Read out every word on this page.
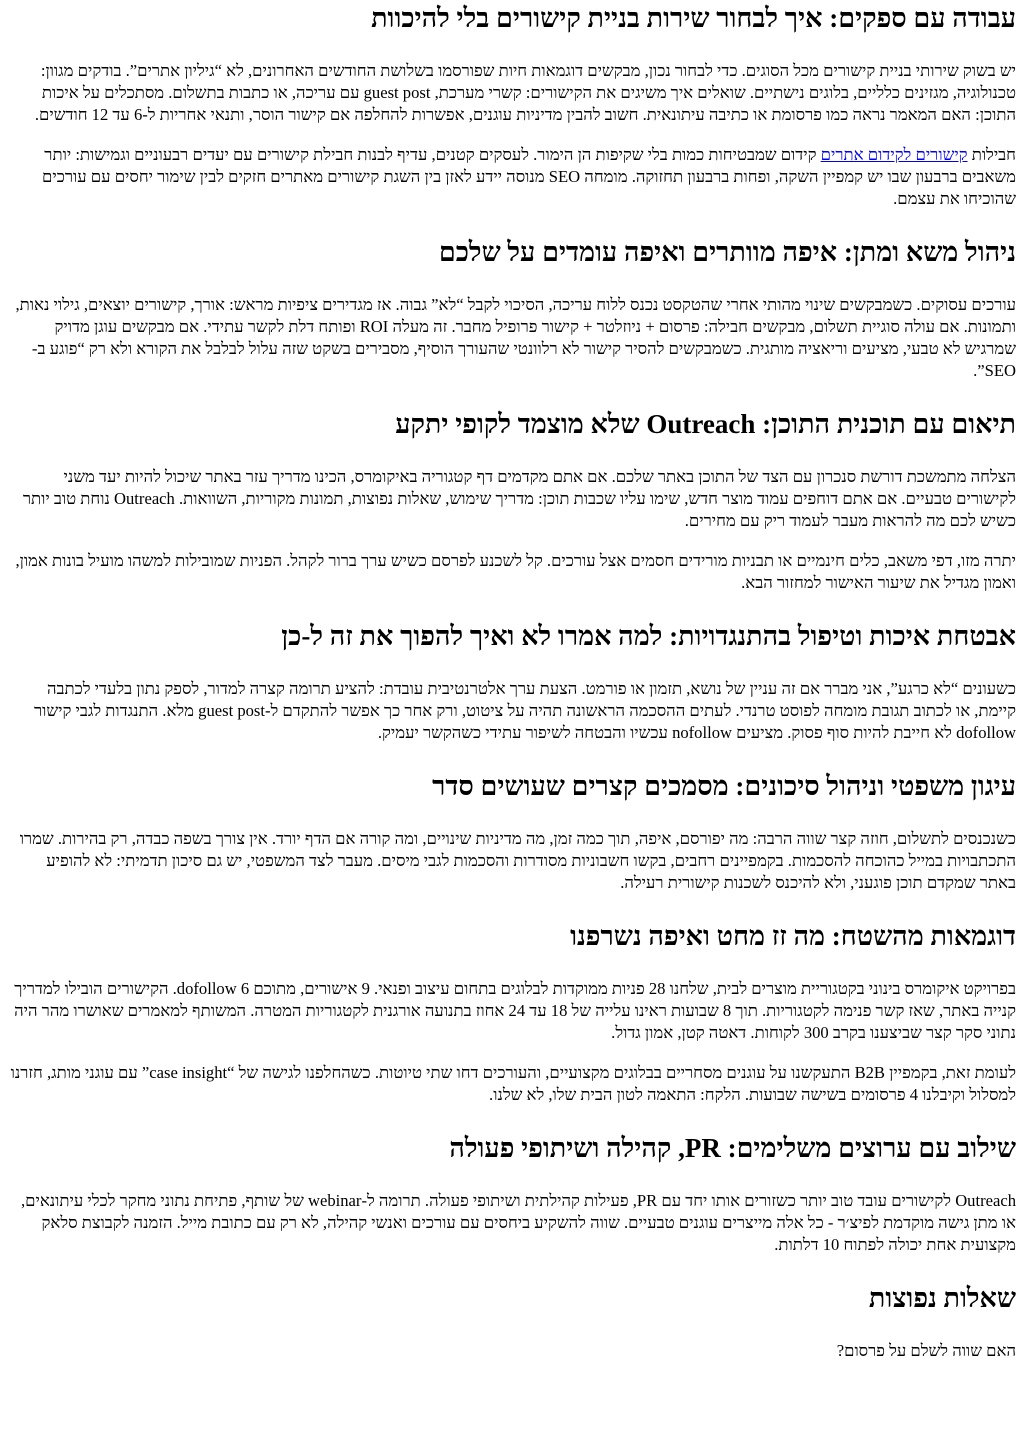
עבודה עם ספקים: איך לבחור שירות בניית קישורים בלי להיכוות

יש בשוק שירותי בניית קישורים מכל הסוגים. כדי לבחור נכון, מבקשים דוגמאות חיות שפורסמו בשלושת החודשים האחרונים, לא “גיליון אתרים”. בודקים מגוון: טכנולוגיה, מגזינים כלליים, בלוגים נישתיים. שואלים איך משיגים את הקישורים: קשרי מערכת, guest post עם עריכה, או כתבות בתשלום. מסתכלים על איכות התוכן: האם המאמר נראה כמו פרסומת או כתיבה עיתונאית. חשוב להבין מדיניות עוגנים, אפשרות להחלפה אם קישור הוסר, ותנאי אחריות ל-6 עד 12 חודשים.

חבילות קישורים לקידום אתרים קידום שמבטיחות כמות בלי שקיפות הן הימור. לעסקים קטנים, עדיף לבנות חבילת קישורים עם יעדים רבעוניים וגמישות: יותר משאבים ברבעון שבו יש קמפיין השקה, ופחות ברבעון תחזוקה. מומחה SEO מנוסה יידע לאזן בין השגת קישורים מאתרים חזקים לבין שימור יחסים עם עורכים שהוכיחו את עצמם.

ניהול משא ומתן: איפה מוותרים ואיפה עומדים על שלכם

עורכים עסוקים. כשמבקשים שינוי מהותי אחרי שהטקסט נכנס ללוח עריכה, הסיכוי לקבל “לא” גבוה. אז מגדירים ציפיות מראש: אורך, קישורים יוצאים, גילוי נאות, ותמונות. אם עולה סוגיית תשלום, מבקשים חבילה: פרסום + ניוזלטר + קישור פרופיל מחבר. זה מעלה ROI ופותח דלת לקשר עתידי. אם מבקשים עוגן מדויק שמרגיש לא טבעי, מציעים וריאציה מותגית. כשמבקשים להסיר קישור לא רלוונטי שהעורך הוסיף, מסבירים בשקט שזה עלול לבלבל את הקורא ולא רק “פוגע ב-SEO”.

תיאום עם תוכנית התוכן: Outreach שלא מוצמד לקופי יתקע

הצלחה מתמשכת דורשת סנכרון עם הצד של התוכן באתר שלכם. אם אתם מקדמים דף קטגוריה באיקומרס, הכינו מדריך עזר באתר שיכול להיות יעד משני לקישורים טבעיים. אם אתם דוחפים עמוד מוצר חדש, שימו עליו שכבות תוכן: מדריך שימוש, שאלות נפוצות, תמונות מקוריות, השוואות. Outreach נוחת טוב יותר כשיש לכם מה להראות מעבר לעמוד ריק עם מחירים.

יתרה מזו, דפי משאב, כלים חינמיים או תבניות מורידים חסמים אצל עורכים. קל לשכנע לפרסם כשיש ערך ברור לקהל. הפניות שמובילות למשהו מועיל בונות אמון, ואמון מגדיל את שיעור האישור למחזור הבא.

אבטחת איכות וטיפול בהתנגדויות: למה אמרו לא ואיך להפוך את זה ל-כן

כשעונים “לא כרגע”, אני מברר אם זה עניין של נושא, תזמון או פורמט. הצעת ערך אלטרנטיבית עובדת: להציע תרומה קצרה למדור, לספק נתון בלעדי לכתבה קיימת, או לכתוב תגובת מומחה לפוסט טרנדי. לעתים ההסכמה הראשונה תהיה על ציטוט, ורק אחר כך אפשר להתקדם ל-guest post מלא. התנגדות לגבי קישור dofollow לא חייבת להיות סוף פסוק. מציעים nofollow עכשיו והבטחה לשיפור עתידי כשהקשר יעמיק.

עיגון משפטי וניהול סיכונים: מסמכים קצרים שעושים סדר

כשנכנסים לתשלום, חוזה קצר שווה הרבה: מה יפורסם, איפה, תוך כמה זמן, מה מדיניות שינויים, ומה קורה אם הדף יורד. אין צורך בשפה כבדה, רק בהירות. שמרו התכתבויות במייל כהוכחה להסכמות. בקמפיינים רחבים, בקשו חשבוניות מסודרות והסכמות לגבי מיסים. מעבר לצד המשפטי, יש גם סיכון תדמיתי: לא להופיע באתר שמקדם תוכן פוגעני, ולא להיכנס לשכנות קישורית רעילה.

דוגמאות מהשטח: מה זז מחט ואיפה נשרפנו

בפרויקט איקומרס בינוני בקטגוריית מוצרים לבית, שלחנו 28 פניות ממוקדות לבלוגים בתחום עיצוב ופנאי. 9 אישורים, מתוכם 6 dofollow. הקישורים הובילו למדריך קנייה באתר, שאז קשר פנימה לקטגוריות. תוך 8 שבועות ראינו עלייה של 18 עד 24 אחוז בתנועה אורגנית לקטגוריות המטרה. המשותף למאמרים שאושרו מהר היה נתוני סקר קצר שביצענו בקרב 300 לקוחות. דאטה קטן, אמון גדול.

לעומת זאת, בקמפיין B2B התעקשנו על עוגנים מסחריים בבלוגים מקצועיים, והעורכים דחו שתי טיוטות. כשהחלפנו לגישה של “case insight” עם עוגני מותג, חזרנו למסלול וקיבלנו 4 פרסומים בשישה שבועות. הלקח: התאמה לטון הבית שלו, לא שלנו.

שילוב עם ערוצים משלימים: PR, קהילה ושיתופי פעולה

Outreach לקישורים עובד טוב יותר כשזורים אותו יחד עם PR, פעילות קהילתית ושיתופי פעולה. תרומה ל-webinar של שותף, פתיחת נתוני מחקר לכלי עיתונאים, או מתן גישה מוקדמת לפיצ׳ר - כל אלה מייצרים עוגנים טבעיים. שווה להשקיע ביחסים עם עורכים ואנשי קהילה, לא רק עם כתובת מייל. הזמנה לקבוצת סלאק מקצועית אחת יכולה לפתוח 10 דלתות.

שאלות נפוצות

האם שווה לשלם על פרסום?
